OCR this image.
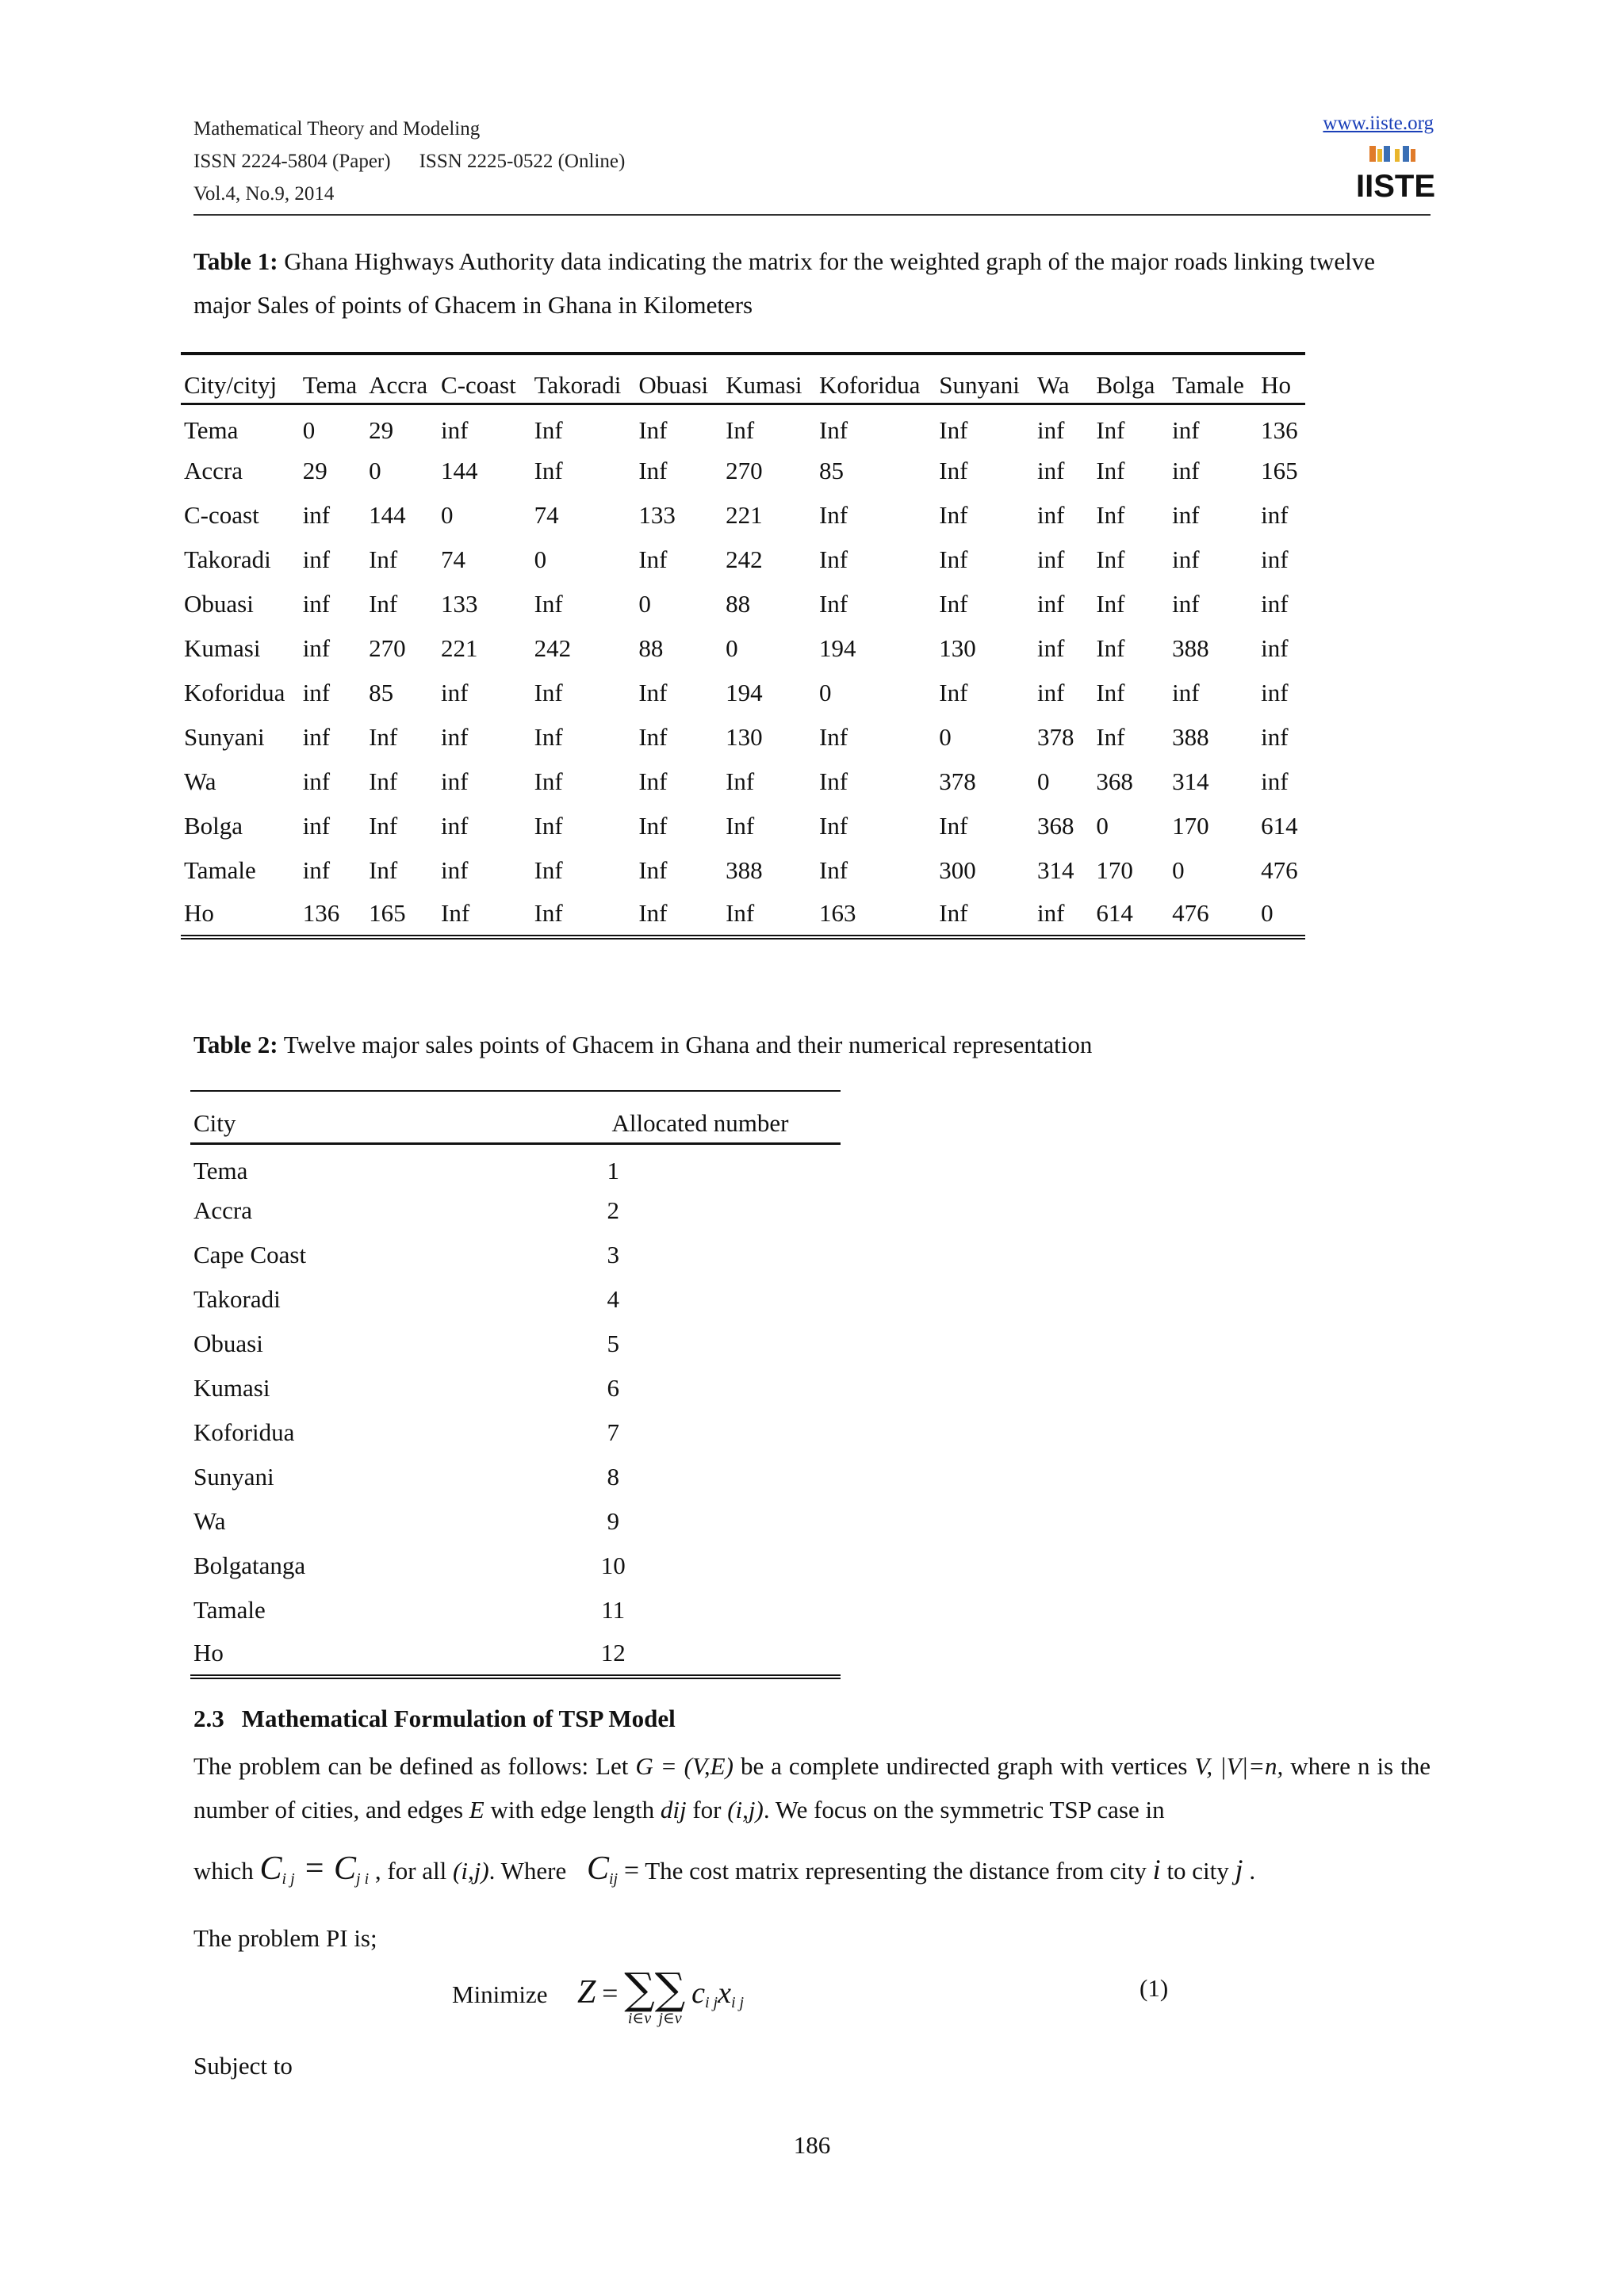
Mathematical Theory and Modeling
ISSN 2224-5804 (Paper) ISSN 2225-0522 (Online)
Vol.4, No.9, 2014
www.iiste.org
IISTE
Table 1: Ghana Highways Authority data indicating the matrix for the weighted graph of the major roads linking twelve major Sales of points of Ghacem in Ghana in Kilometers
City/cityj	Tema	Accra	C-coast	Takoradi	Obuasi	Kumasi	Koforidua	Sunyani	Wa	Bolga	Tamale	Ho
Tema	0	29	inf	Inf	Inf	Inf	Inf	Inf	inf	Inf	inf	136
Accra	29	0	144	Inf	Inf	270	85	Inf	inf	Inf	inf	165
C-coast	inf	144	0	74	133	221	Inf	Inf	inf	Inf	inf	inf
Takoradi	inf	Inf	74	0	Inf	242	Inf	Inf	inf	Inf	inf	inf
Obuasi	inf	Inf	133	Inf	0	88	Inf	Inf	inf	Inf	inf	inf
Kumasi	inf	270	221	242	88	0	194	130	inf	Inf	388	inf
Koforidua	inf	85	inf	Inf	Inf	194	0	Inf	inf	Inf	inf	inf
Sunyani	inf	Inf	inf	Inf	Inf	130	Inf	0	378	Inf	388	inf
Wa	inf	Inf	inf	Inf	Inf	Inf	Inf	378	0	368	314	inf
Bolga	inf	Inf	inf	Inf	Inf	Inf	Inf	Inf	368	0	170	614
Tamale	inf	Inf	inf	Inf	Inf	388	Inf	300	314	170	0	476
Ho	136	165	Inf	Inf	Inf	Inf	163	Inf	inf	614	476	0
Table 2: Twelve major sales points of Ghacem in Ghana and their numerical representation
City	Allocated number
Tema	1
Accra	2
Cape Coast	3
Takoradi	4
Obuasi	5
Kumasi	6
Koforidua	7
Sunyani	8
Wa	9
Bolgatanga	10
Tamale	11
Ho	12
2.3 Mathematical Formulation of TSP Model
The problem can be defined as follows: Let G = (V,E) be a complete undirected graph with vertices V, |V|=n, where n is the number of cities, and edges E with edge length dij for (i,j). We focus on the symmetric TSP case in
which $C_{i j} = C_{j i}$ , for all (i,j). Where $C_{ij}$ = The cost matrix representing the distance from city i to city j .
The problem PI is;
Minimize Z = ∑
i∈v
∑
j∈v
$c_{i j}x_{i j}$
(1)
Subject to
186
